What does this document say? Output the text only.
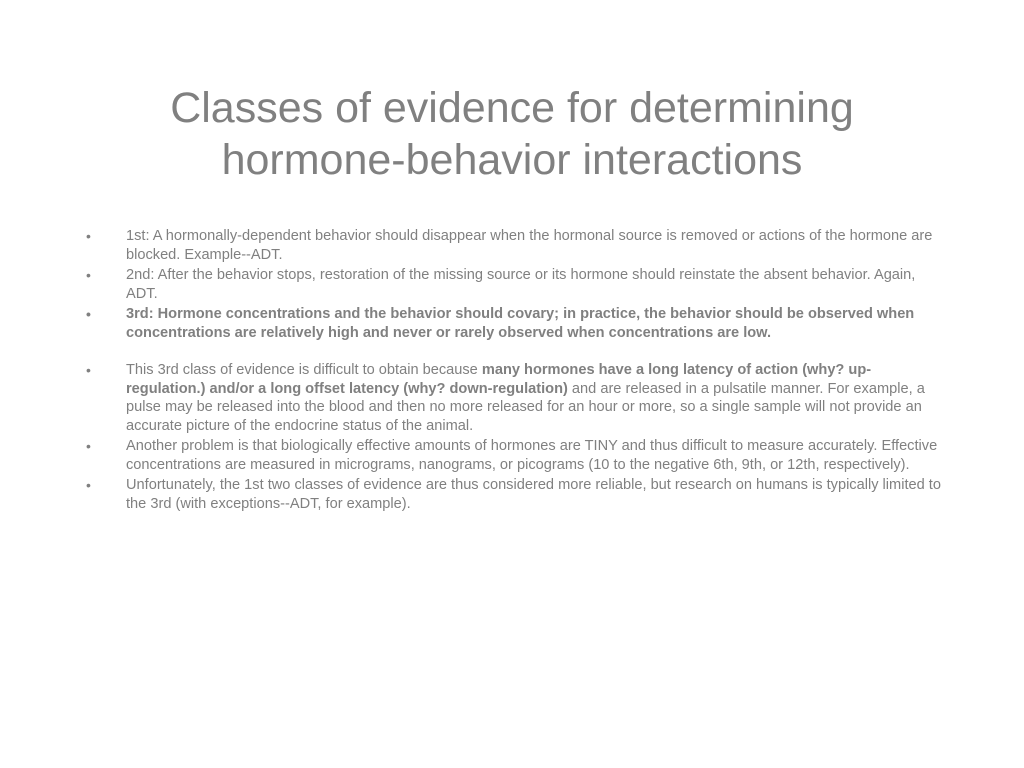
Classes of evidence for determining
hormone-behavior interactions
• 1st: A hormonally-dependent behavior should disappear when the hormonal source is removed or actions of the hormone are blocked. Example--ADT.
• 2nd: After the behavior stops, restoration of the missing source or its hormone should reinstate the absent behavior. Again, ADT.
• 3rd: Hormone concentrations and the behavior should covary; in practice, the behavior should be observed when concentrations are relatively high and never or rarely observed when concentrations are low.
• This 3rd class of evidence is difficult to obtain because many hormones have a long latency of action (why? up-regulation.) and/or a long offset latency (why? down-regulation) and are released in a pulsatile manner. For example, a pulse may be released into the blood and then no more released for an hour or more, so a single sample will not provide an accurate picture of the endocrine status of the animal.
• Another problem is that biologically effective amounts of hormones are TINY and thus difficult to measure accurately. Effective concentrations are measured in micrograms, nanograms, or picograms (10 to the negative 6th, 9th, or 12th, respectively).
• Unfortunately, the 1st two classes of evidence are thus considered more reliable, but research on humans is typically limited to the 3rd (with exceptions--ADT, for example).
